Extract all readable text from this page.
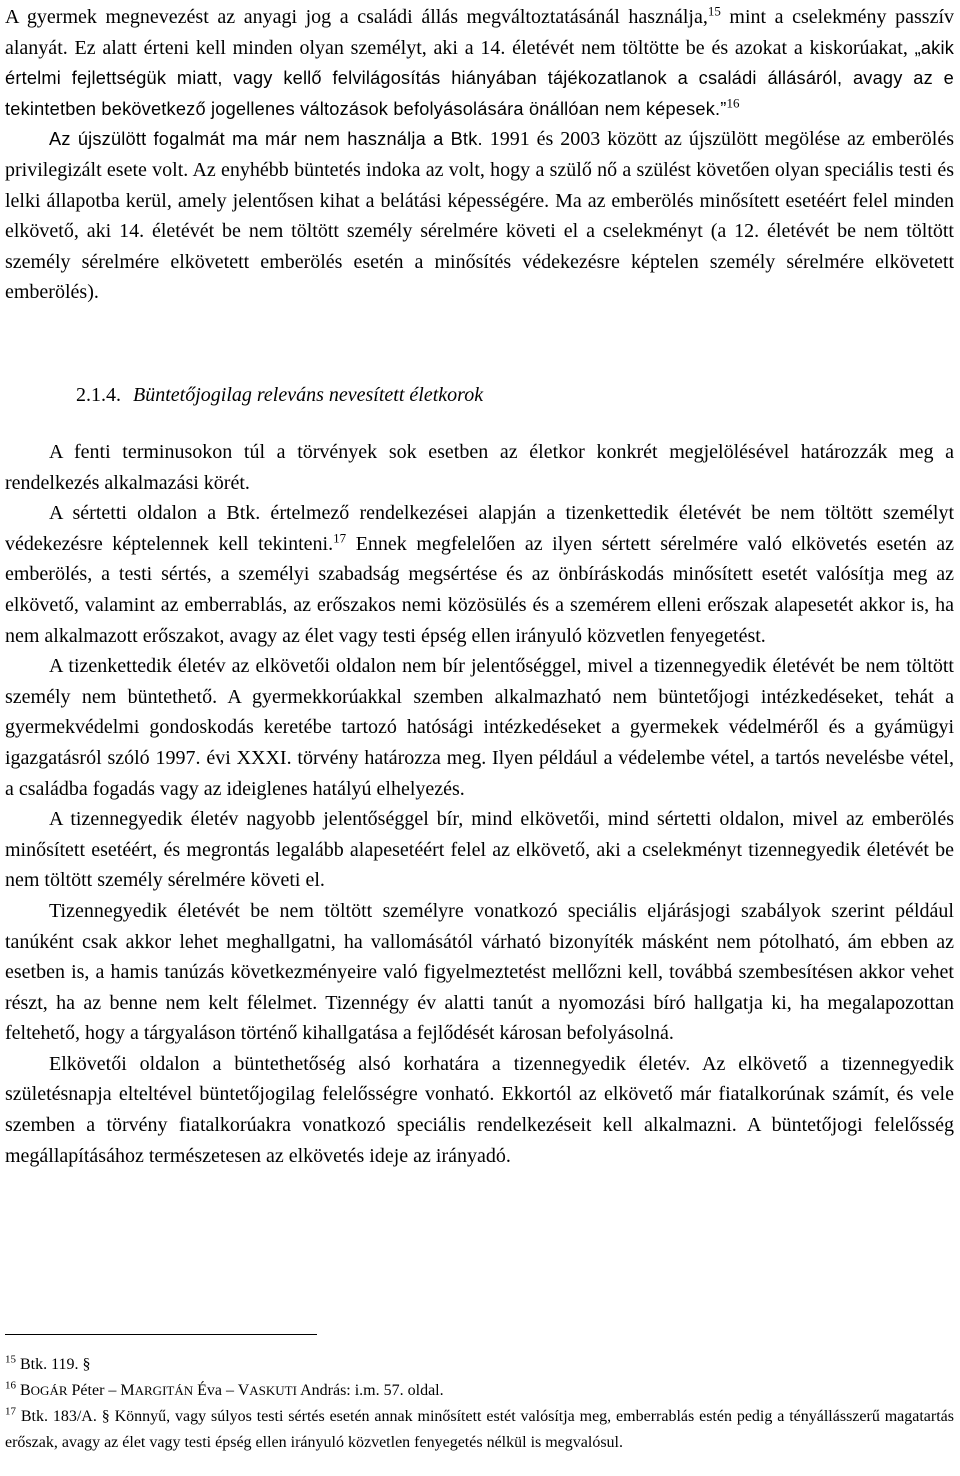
A gyermek megnevezést az anyagi jog a családi állás megváltoztatásánál használja,$^{15}$ mint a cselekmény passzív alanyát. Ez alatt érteni kell minden olyan személyt, aki a 14. életévét nem töltötte be és azokat a kiskorúakat, „akik értelmi fejlettségük miatt, vagy kellő felvilágosítás hiányában tájékozatlanok a családi állásáról, avagy az e tekintetben bekövetkező jogellenes változások befolyásolására önállóan nem képesek.”$^{16}$

Az újszülött fogalmát ma már nem használja a Btk. 1991 és 2003 között az újszülött megölése az emberölés privilegizált esete volt. Az enyhébb büntetés indoka az volt, hogy a szülő nő a szülést követően olyan speciális testi és lelki állapotba kerül, amely jelentősen kihat a belátási képességére. Ma az emberölés minősített esetéért felel minden elkövető, aki 14. életévét be nem töltött személy sérelmére követi el a cselekményt (a 12. életévét be nem töltött személy sérelmére elkövetett emberölés esetén a minősítés védekezésre képtelen személy sérelmére elkövetett emberölés).

2.1.4. Büntetőjogilag releváns nevesített életkorok

A fenti terminusokon túl a törvények sok esetben az életkor konkrét megjelölésével határozzák meg a rendelkezés alkalmazási körét.

A sértetti oldalon a Btk. értelmező rendelkezései alapján a tizenkettedik életévét be nem töltött személyt védekezésre képtelennek kell tekinteni.$^{17}$ Ennek megfelelően az ilyen sértett sérelmére való elkövetés esetén az emberölés, a testi sértés, a személyi szabadság megsértése és az önbíráskodás minősített esetét valósítja meg az elkövető, valamint az emberrablás, az erőszakos nemi közösülés és a szemérem elleni erőszak alapesetét akkor is, ha nem alkalmazott erőszakot, avagy az élet vagy testi épség ellen irányuló közvetlen fenyegetést.

A tizenkettedik életév az elkövetői oldalon nem bír jelentőséggel, mivel a tizennegyedik életévét be nem töltött személy nem büntethető. A gyermekkorúakkal szemben alkalmazható nem büntetőjogi intézkedéseket, tehát a gyermekvédelmi gondoskodás keretébe tartozó hatósági intézkedéseket a gyermekek védelméről és a gyámügyi igazgatásról szóló 1997. évi XXXI. törvény határozza meg. Ilyen például a védelembe vétel, a tartós nevelésbe vétel, a családba fogadás vagy az ideiglenes hatályú elhelyezés.

A tizennegyedik életév nagyobb jelentőséggel bír, mind elkövetői, mind sértetti oldalon, mivel az emberölés minősített esetéért, és megrontás legalább alapesetéért felel az elkövető, aki a cselekményt tizennegyedik életévét be nem töltött személy sérelmére követi el.

Tizennegyedik életévét be nem töltött személyre vonatkozó speciális eljárásjogi szabályok szerint például tanúként csak akkor lehet meghallgatni, ha vallomásától várható bizonyíték másként nem pótolható, ám ebben az esetben is, a hamis tanúzás következményeire való figyelmeztetést mellőzni kell, továbbá szembesítésen akkor vehet részt, ha az benne nem kelt félelmet. Tizennégy év alatti tanút a nyomozási bíró hallgatja ki, ha megalapozottan feltehető, hogy a tárgyaláson történő kihallgatása a fejlődését károsan befolyásolná.

Elkövetői oldalon a büntethetőség alsó korhatára a tizennegyedik életév. Az elkövető a tizennegyedik születésnapja elteltével büntetőjogilag felelősségre vonható. Ekkortól az elkövető már fiatalkorúnak számít, és vele szemben a törvény fiatalkorúakra vonatkozó speciális rendelkezéseit kell alkalmazni. A büntetőjogi felelősség megállapításához természetesen az elkövetés ideje az irányadó.

$^{15}$ Btk. 119. §

$^{16}$ BOGÁR Péter – MARGITÁN Éva – VASKUTI András: i.m. 57. oldal.

$^{17}$ Btk. 183/A. § Könnyű, vagy súlyos testi sértés esetén annak minősített estét valósítja meg, emberrablás estén pedig a tényállásszerű magatartás erőszak, avagy az élet vagy testi épség ellen irányuló közvetlen fenyegetés nélkül is megvalósul.
